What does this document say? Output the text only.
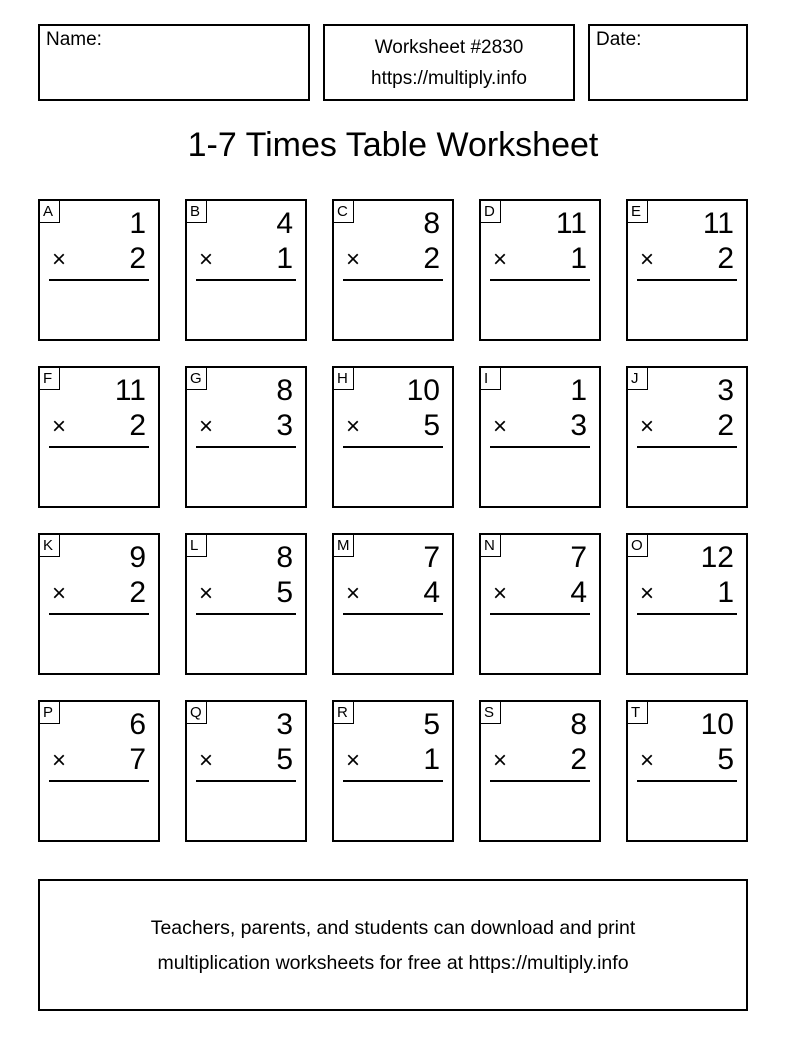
Name:	Worksheet #2830
https://multiply.info
Date:
1-7 Times Table Worksheet
A	1
× 2
B	4
× 1
C	8
× 2
D 11
× 1
E 11
× 2
F 11
× 2
G 8
× 3
H 10
× 5
I	1
× 3
J	3
× 2
K	9
× 2
L	8
× 5
M 7
× 4
N	7
× 4
O 12
× 1
P	6
× 7
Q 3
× 5
R	5
× 1
S	8
× 2
T 10
× 5
Teachers, parents, and students can download and print
multiplication worksheets for free at https://multiply.info
